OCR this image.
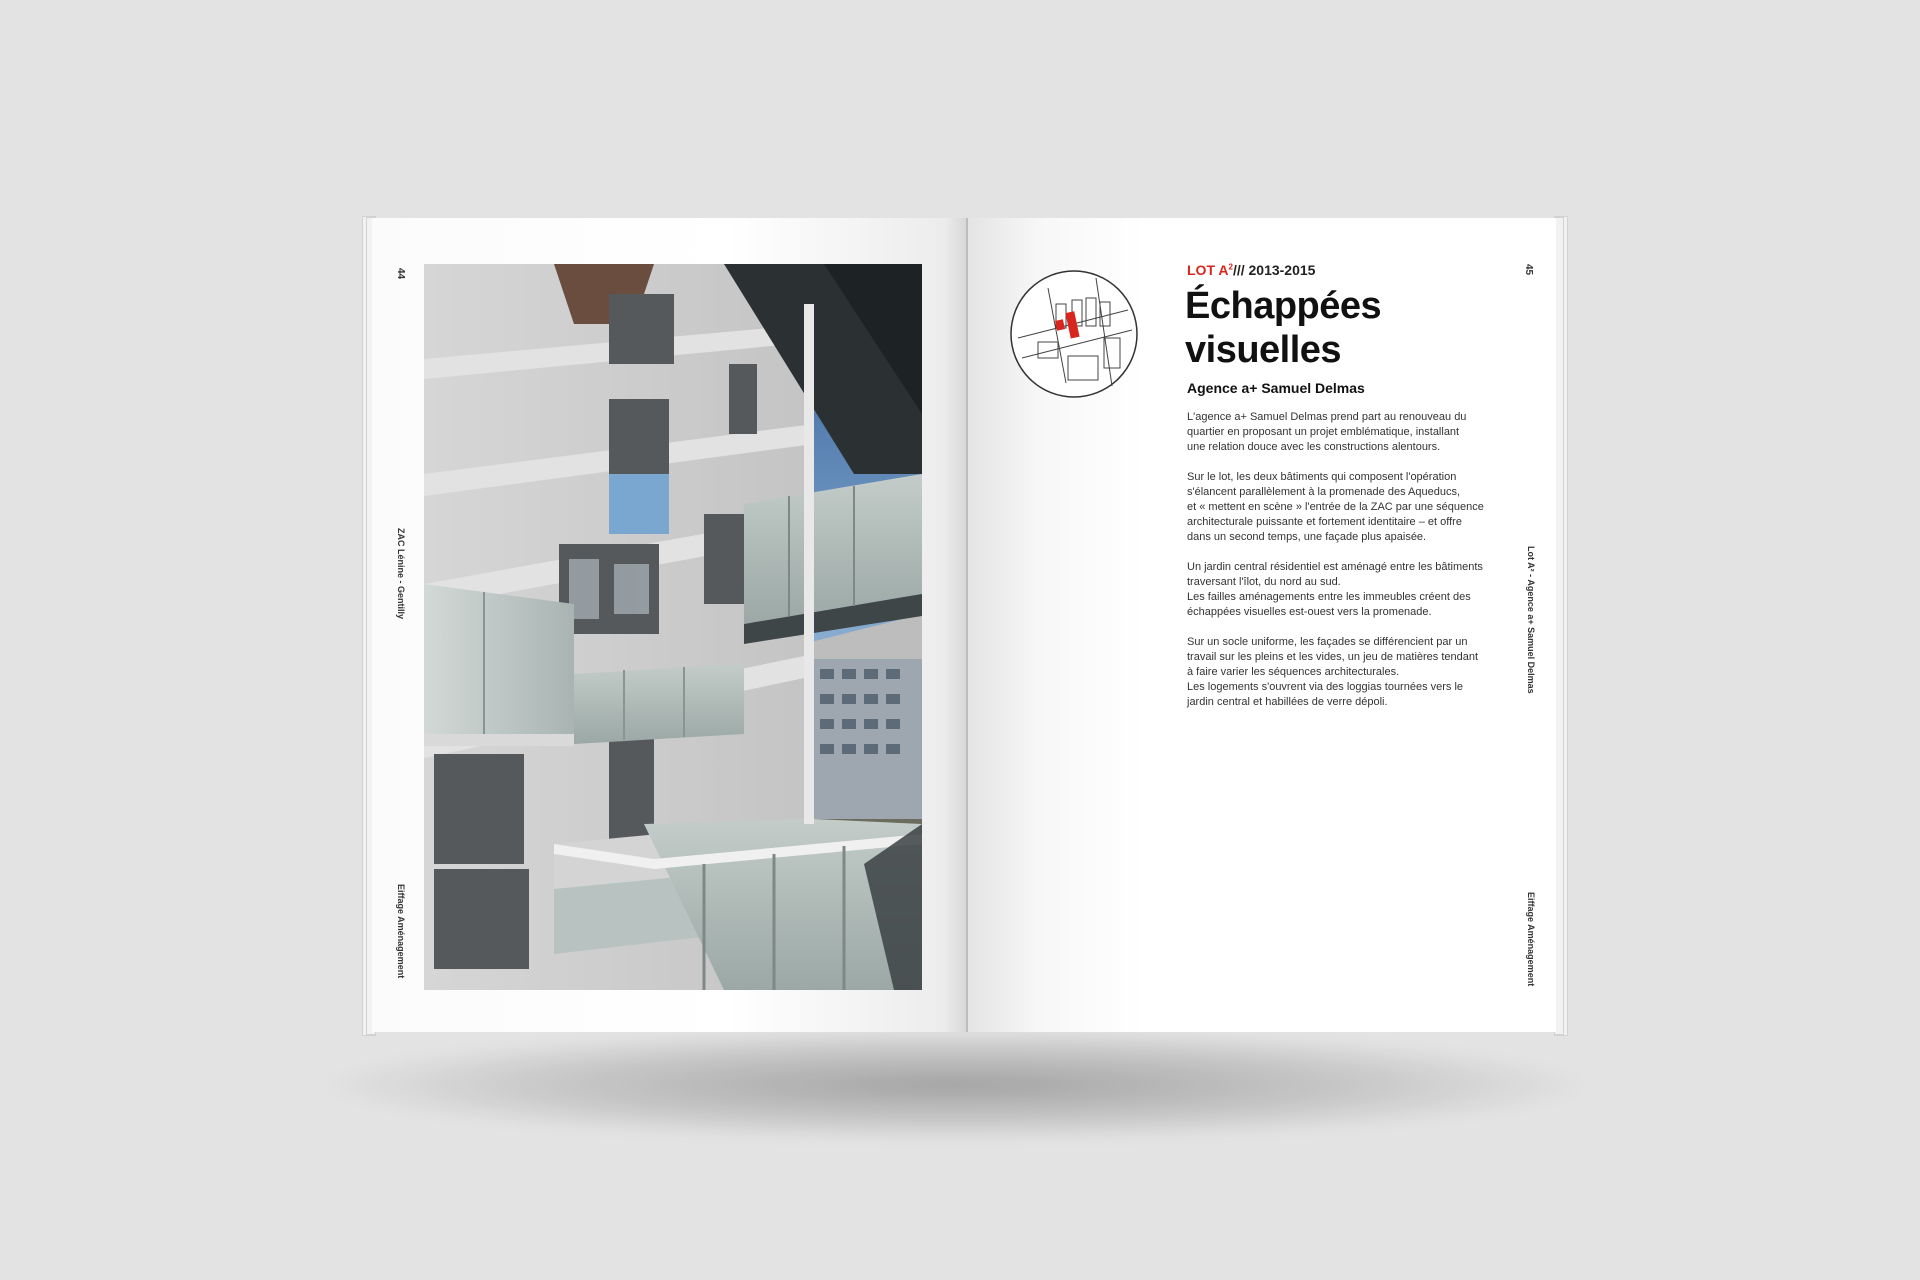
44
ZAC Lénine - Gentilly
Eiffage Aménagement
LOT $A^2///$ 2013-2015
Échappées
visuelles
Agence a+ Samuel Delmas

L'agence a+ Samuel Delmas prend part au renouveau du
quartier en proposant un projet emblématique, installant
une relation douce avec les constructions alentours.

Sur le lot, les deux bâtiments qui composent l'opération
s'élancent parallèlement à la promenade des Aqueducs,
et « mettent en scène » l'entrée de la ZAC par une séquence
architecturale puissante et fortement identitaire – et offre
dans un second temps, une façade plus apaisée.

Un jardin central résidentiel est aménagé entre les bâtiments
traversant l'îlot, du nord au sud.
Les failles aménagements entre les immeubles créent des
échappées visuelles est-ouest vers la promenade.

Sur un socle uniforme, les façades se différencient par un
travail sur les pleins et les vides, un jeu de matières tendant
à faire varier les séquences architecturales.
Les logements s'ouvrent via des loggias tournées vers le
jardin central et habillées de verre dépoli.

45
Lot A² - Agence a+ Samuel Delmas
Eiffage Aménagement
